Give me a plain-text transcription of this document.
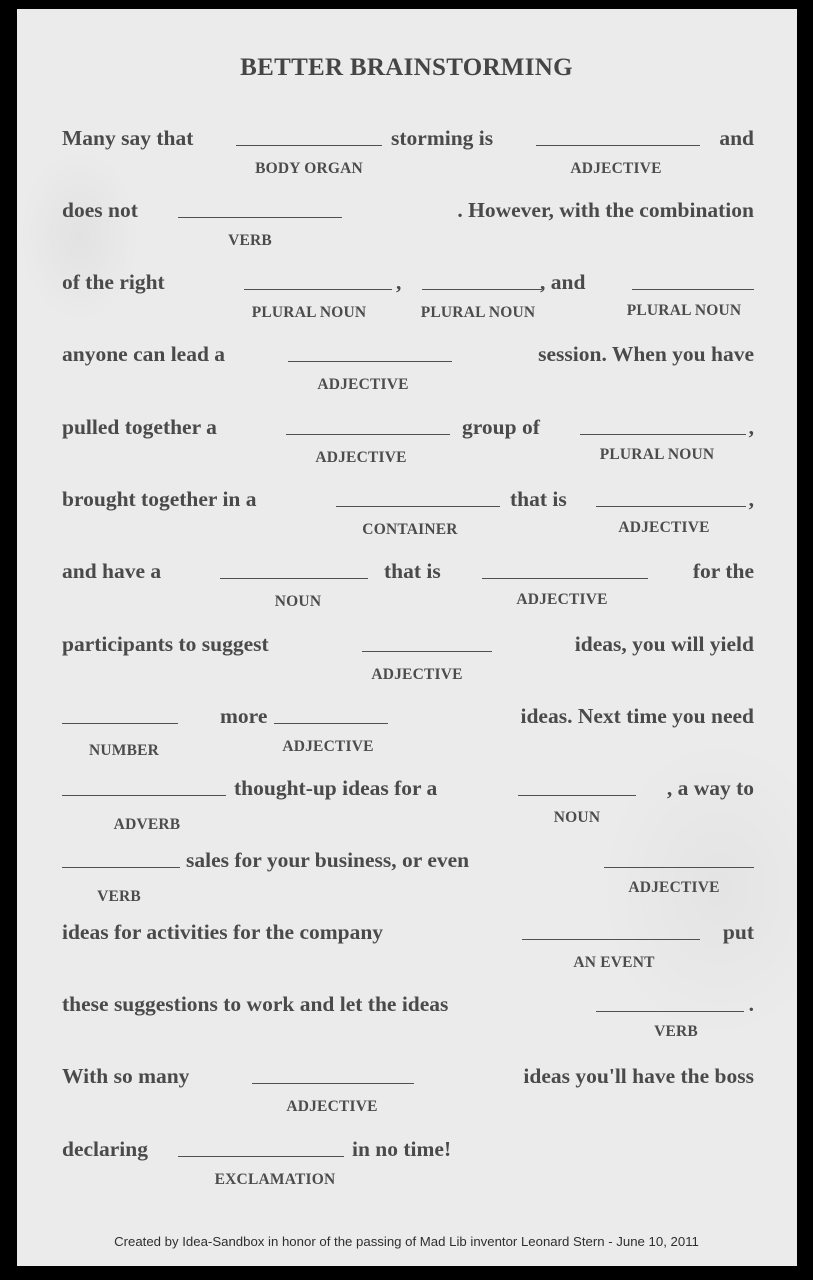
BETTER BRAINSTORMING
Many say that
BODY ORGAN
storming is
ADJECTIVE
and
does not
VERB
. However, with the combination
of the right
PLURAL NOUN
,
PLURAL NOUN
, and
PLURAL NOUN
anyone can lead a
ADJECTIVE
session. When you have
pulled together a
ADJECTIVE
group of
PLURAL NOUN
,
brought together in a
CONTAINER
that is
ADJECTIVE
,
and have a
NOUN
that is
ADJECTIVE
for the
participants to suggest
ADJECTIVE
ideas, you will yield
NUMBER
more
ADJECTIVE
ideas. Next time you need
ADVERB
thought-up ideas for a
NOUN
, a way to
VERB
sales for your business, or even
ADJECTIVE
ideas for activities for the company
AN EVENT
put
these suggestions to work and let the ideas
VERB
.
With so many
ADJECTIVE
ideas you'll have the boss
declaring
EXCLAMATION
in no time!
Created by Idea-Sandbox in honor of the passing of Mad Lib inventor Leonard Stern - June 10, 2011
